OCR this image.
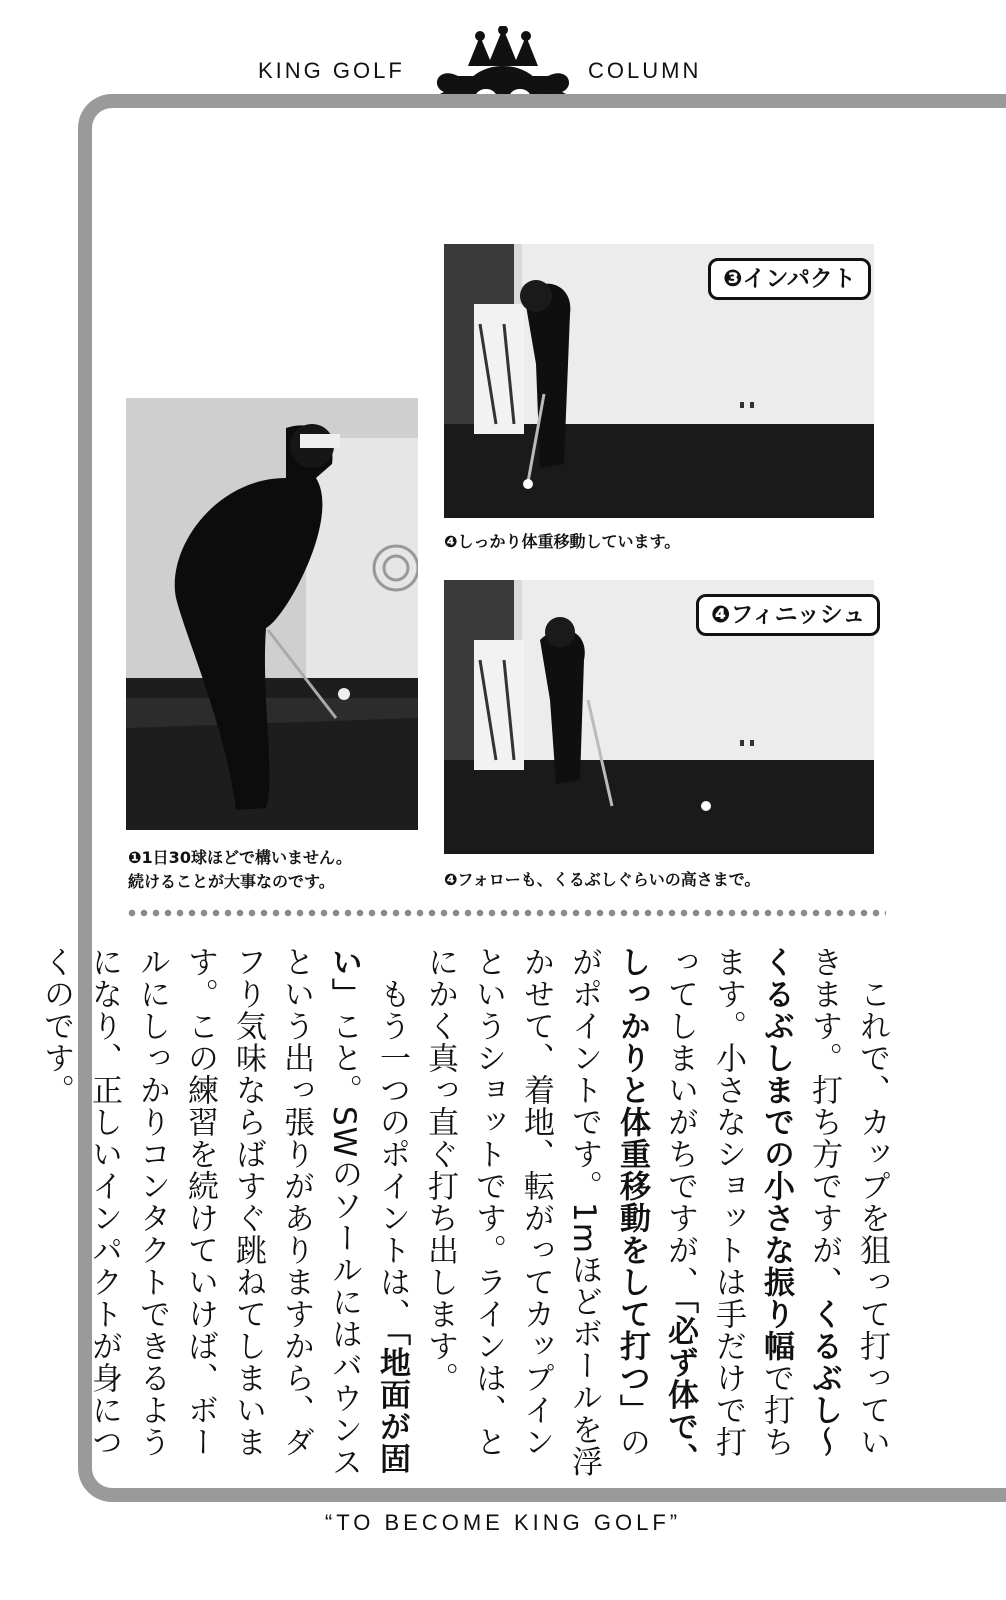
KING GOLF	COLUMN
❸インパクト
❹しっかり体重移動しています。
❹フィニッシュ
❹フォローも、くるぶしぐらいの高さまで。
❶1日30球ほどで構いません。
続けることが大事なのです。

　これで、カップを狙って打っていきます。打ち方ですが、くるぶし～くるぶしまでの小さな振り幅で打ちます。小さなショットは手だけで打ってしまいがちですが、「必ず体で、しっかりと体重移動をして打つ」のがポイントです。1mほどボールを浮かせて、着地、転がってカップインというショットです。ラインは、とにかく真っ直ぐ打ち出します。

　もう一つのポイントは、「地面が固い」こと。SWのソールにはバウンスという出っ張りがありますから、ダフり気味ならばすぐ跳ねてしまいます。この練習を続けていけば、ボールにしっかりコンタクトできるようになり、正しいインパクトが身につくのです。

“TO BECOME KING GOLF”
